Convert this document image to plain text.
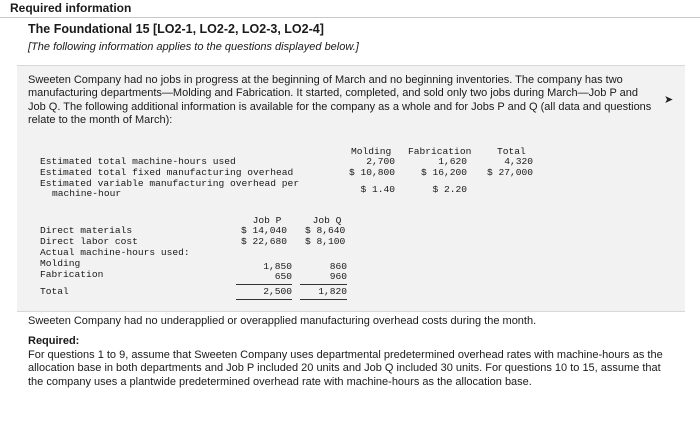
Required information
The Foundational 15 [LO2-1, LO2-2, LO2-3, LO2-4]
[The following information applies to the questions displayed below.]
Sweeten Company had no jobs in progress at the beginning of March and no beginning inventories. The company has two manufacturing departments—Molding and Fabrication. It started, completed, and sold only two jobs during March—Job P and Job Q. The following additional information is available for the company as a whole and for Jobs P and Q (all data and questions relate to the month of March):
➤
Molding Fabrication	Total
Estimated total machine-hours used	2,700	1,620	4,320
Estimated total fixed manufacturing overhead	$ 10,800	$ 16,200	$ 27,000
Estimated variable manufacturing overhead per
machine-hour	$ 1.40	$ 2.20
Job P	Job Q
Direct materials	$ 14,040 $ 8,640
Direct labor cost	$ 22,680 $ 8,100
Actual machine-hours used:
Molding	1,850	860
Fabrication	650	960
Total	2,500	1,820
Sweeten Company had no underapplied or overapplied manufacturing overhead costs during the month.
Required:
For questions 1 to 9, assume that Sweeten Company uses departmental predetermined overhead rates with machine-hours as the allocation base in both departments and Job P included 20 units and Job Q included 30 units. For questions 10 to 15, assume that the company uses a plantwide predetermined overhead rate with machine-hours as the allocation base.
